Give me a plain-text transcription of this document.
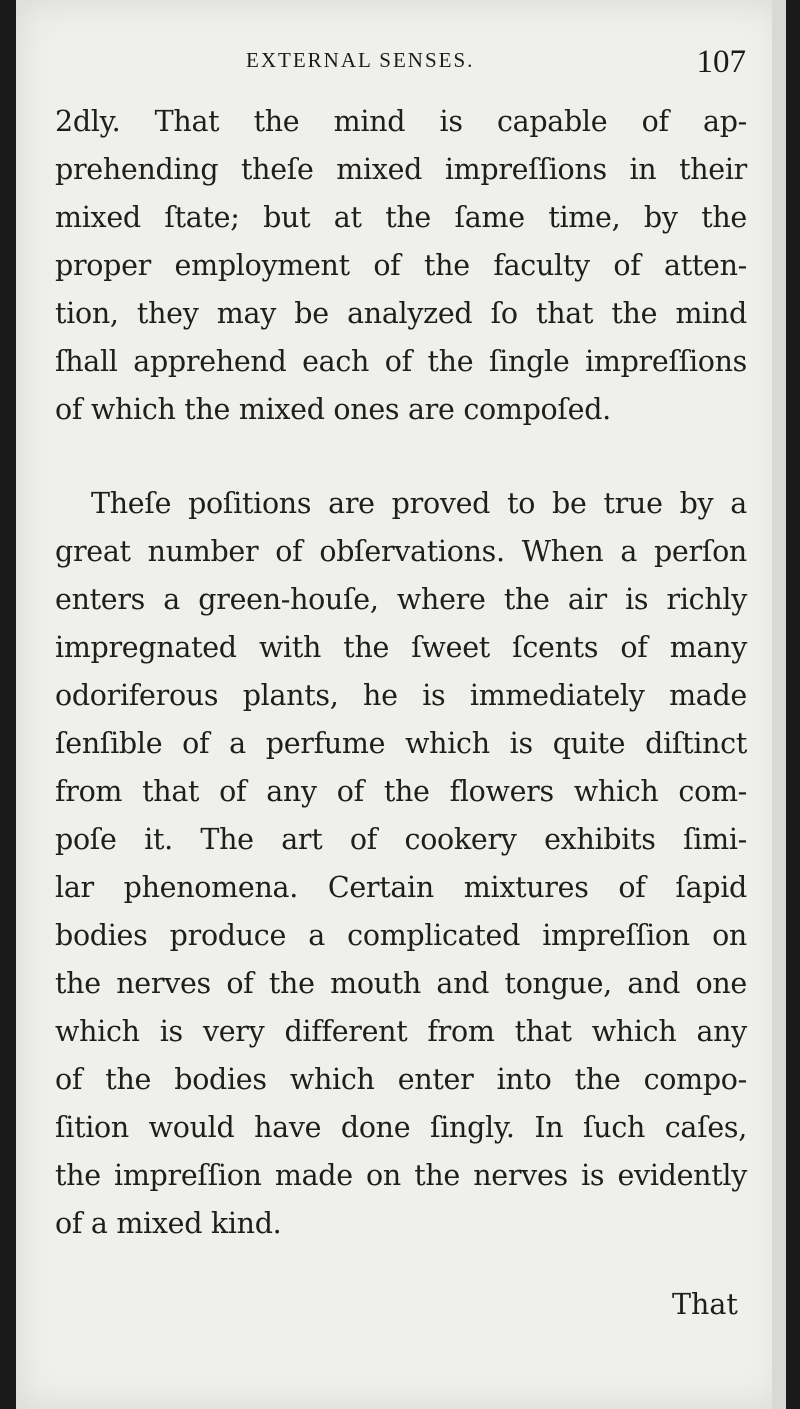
EXTERNAL SENSES.	107
2dly. That the mind is capable of ap-
prehending theſe mixed impreſſions in their
mixed ſtate; but at the ſame time, by the
proper employment of the faculty of atten-
tion, they may be analyzed ſo that the mind
ſhall apprehend each of the ſingle impreſſions
of which the mixed ones are compoſed.
Theſe poſitions are proved to be true by a
great number of obſervations. When a perſon
enters a green-houſe, where the air is richly
impregnated with the ſweet ſcents of many
odoriferous plants, he is immediately made
ſenſible of a perfume which is quite diſtinct
from that of any of the flowers which com-
poſe it. The art of cookery exhibits ſimi-
lar phenomena. Certain mixtures of ſapid
bodies produce a complicated impreſſion on
the nerves of the mouth and tongue, and one
which is very different from that which any
of the bodies which enter into the compo-
ſition would have done ſingly. In ſuch caſes,
the impreſſion made on the nerves is evidently
of a mixed kind.
That
